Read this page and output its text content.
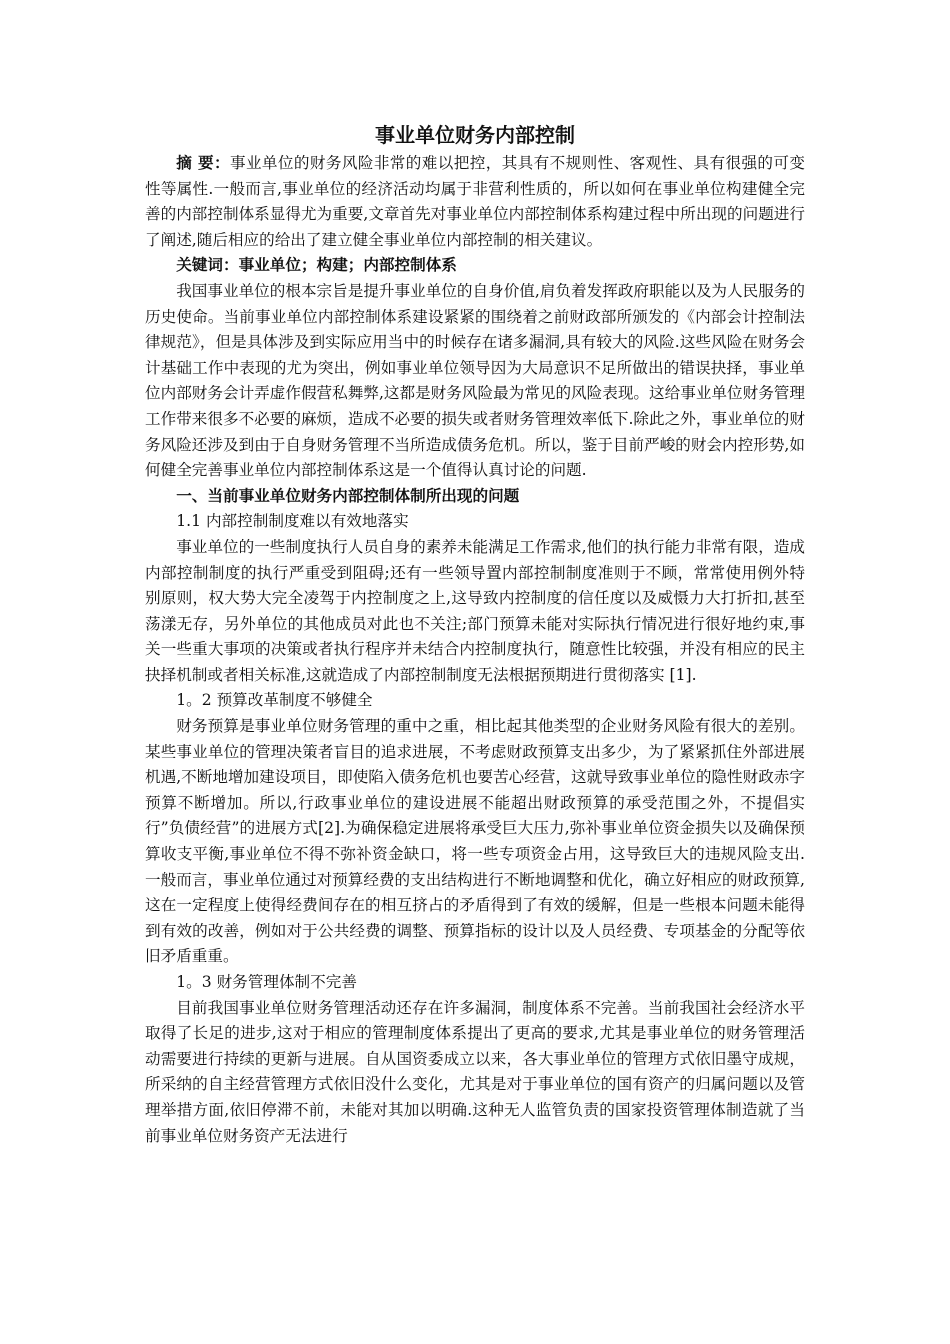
事业单位财务内部控制

摘 要：事业单位的财务风险非常的难以把控，其具有不规则性、客观性、具有很强的可变性等属性.一般而言,事业单位的经济活动均属于非营利性质的，所以如何在事业单位构建健全完善的内部控制体系显得尤为重要,文章首先对事业单位内部控制体系构建过程中所出现的问题进行了阐述,随后相应的给出了建立健全事业单位内部控制的相关建议。

关键词：事业单位；构建；内部控制体系

我国事业单位的根本宗旨是提升事业单位的自身价值,肩负着发挥政府职能以及为人民服务的历史使命。当前事业单位内部控制体系建设紧紧的围绕着之前财政部所颁发的《内部会计控制法律规范》，但是具体涉及到实际应用当中的时候存在诸多漏洞,具有较大的风险.这些风险在财务会计基础工作中表现的尤为突出，例如事业单位领导因为大局意识不足所做出的错误抉择，事业单位内部财务会计弄虚作假营私舞弊,这都是财务风险最为常见的风险表现。这给事业单位财务管理工作带来很多不必要的麻烦，造成不必要的损失或者财务管理效率低下.除此之外，事业单位的财务风险还涉及到由于自身财务管理不当所造成债务危机。所以，鉴于目前严峻的财会内控形势,如何健全完善事业单位内部控制体系这是一个值得认真讨论的问题.

一、当前事业单位财务内部控制体制所出现的问题

1.1 内部控制制度难以有效地落实

事业单位的一些制度执行人员自身的素养未能满足工作需求,他们的执行能力非常有限，造成内部控制制度的执行严重受到阻碍;还有一些领导置内部控制制度准则于不顾，常常使用例外特别原则，权大势大完全凌驾于内控制度之上,这导致内控制度的信任度以及威慑力大打折扣,甚至荡漾无存，另外单位的其他成员对此也不关注;部门预算未能对实际执行情况进行很好地约束,事关一些重大事项的决策或者执行程序并未结合内控制度执行，随意性比较强，并没有相应的民主抉择机制或者相关标准,这就造成了内部控制制度无法根据预期进行贯彻落实 [1].

1。2 预算改革制度不够健全

财务预算是事业单位财务管理的重中之重，相比起其他类型的企业财务风险有很大的差别。某些事业单位的管理决策者盲目的追求进展，不考虑财政预算支出多少，为了紧紧抓住外部进展机遇,不断地增加建设项目，即使陷入债务危机也要苦心经营，这就导致事业单位的隐性财政赤字预算不断增加。所以,行政事业单位的建设进展不能超出财政预算的承受范围之外，不提倡实行”负债经营”的进展方式[2].为确保稳定进展将承受巨大压力,弥补事业单位资金损失以及确保预算收支平衡,事业单位不得不弥补资金缺口，将一些专项资金占用，这导致巨大的违规风险支出.一般而言，事业单位通过对预算经费的支出结构进行不断地调整和优化，确立好相应的财政预算,这在一定程度上使得经费间存在的相互挤占的矛盾得到了有效的缓解，但是一些根本问题未能得到有效的改善，例如对于公共经费的调整、预算指标的设计以及人员经费、专项基金的分配等依旧矛盾重重。

1。3 财务管理体制不完善

目前我国事业单位财务管理活动还存在许多漏洞，制度体系不完善。当前我国社会经济水平取得了长足的进步,这对于相应的管理制度体系提出了更高的要求,尤其是事业单位的财务管理活动需要进行持续的更新与进展。自从国资委成立以来，各大事业单位的管理方式依旧墨守成规，所采纳的自主经营管理方式依旧没什么变化，尤其是对于事业单位的国有资产的归属问题以及管理举措方面,依旧停滞不前，未能对其加以明确.这种无人监管负责的国家投资管理体制造就了当前事业单位财务资产无法进行
